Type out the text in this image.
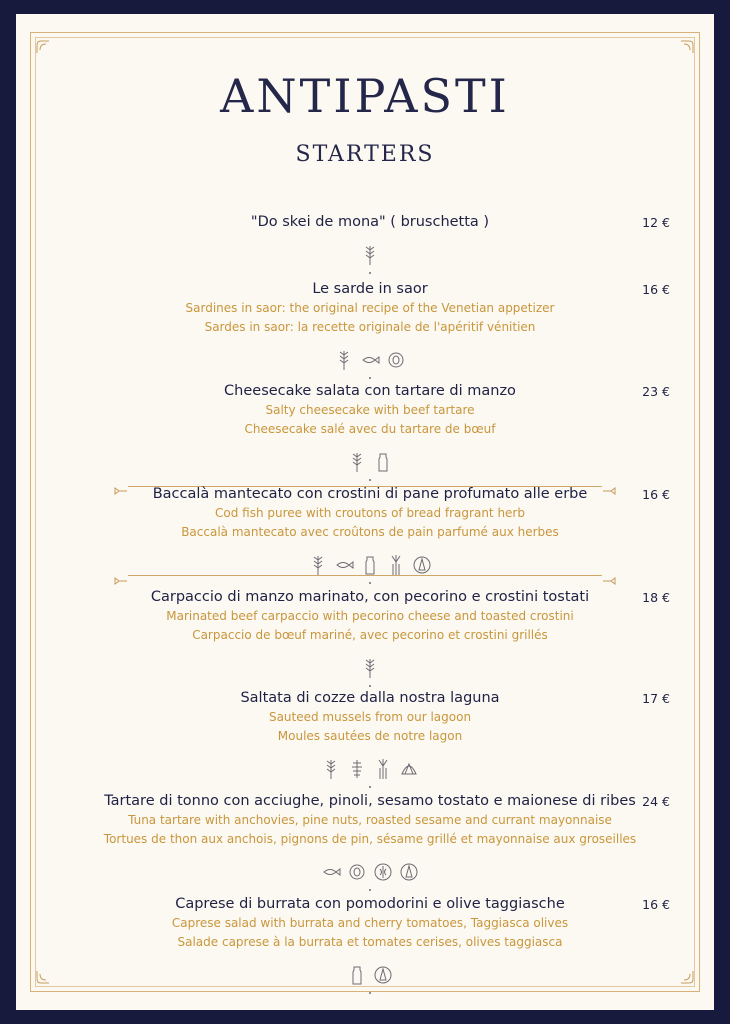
ANTIPASTI
STARTERS
"Do skei de mona" ( bruschetta )	12 €
Le sarde in saor	16 €
Sardines in saor: the original recipe of the Venetian appetizer
Sardes in saor: la recette originale de l'apéritif vénitien
Cheesecake salata con tartare di manzo	23 €
Salty cheesecake with beef tartare
Cheesecake salé avec du tartare de bœuf
Baccalà mantecato con crostini di pane profumato alle erbe	16 €
Cod fish puree with croutons of bread fragrant herb
Baccalà mantecato avec croûtons de pain parfumé aux herbes
Carpaccio di manzo marinato, con pecorino e crostini tostati	18 €
Marinated beef carpaccio with pecorino cheese and toasted crostini
Carpaccio de bœuf mariné, avec pecorino et crostini grillés
Saltata di cozze dalla nostra laguna	17 €
Sauteed mussels from our lagoon
Moules sautées de notre lagon
Tartare di tonno con acciughe, pinoli, sesamo tostato e maionese di ribes 24 €
Tuna tartare with anchovies, pine nuts, roasted sesame and currant mayonnaise
Tortues de thon aux anchois, pignons de pin, sésame grillé et mayonnaise aux groseilles
Caprese di burrata con pomodorini e olive taggiasche	16 €
Caprese salad with burrata and cherry tomatoes, Taggiasca olives
Salade caprese à la burrata et tomates cerises, olives taggiasca
